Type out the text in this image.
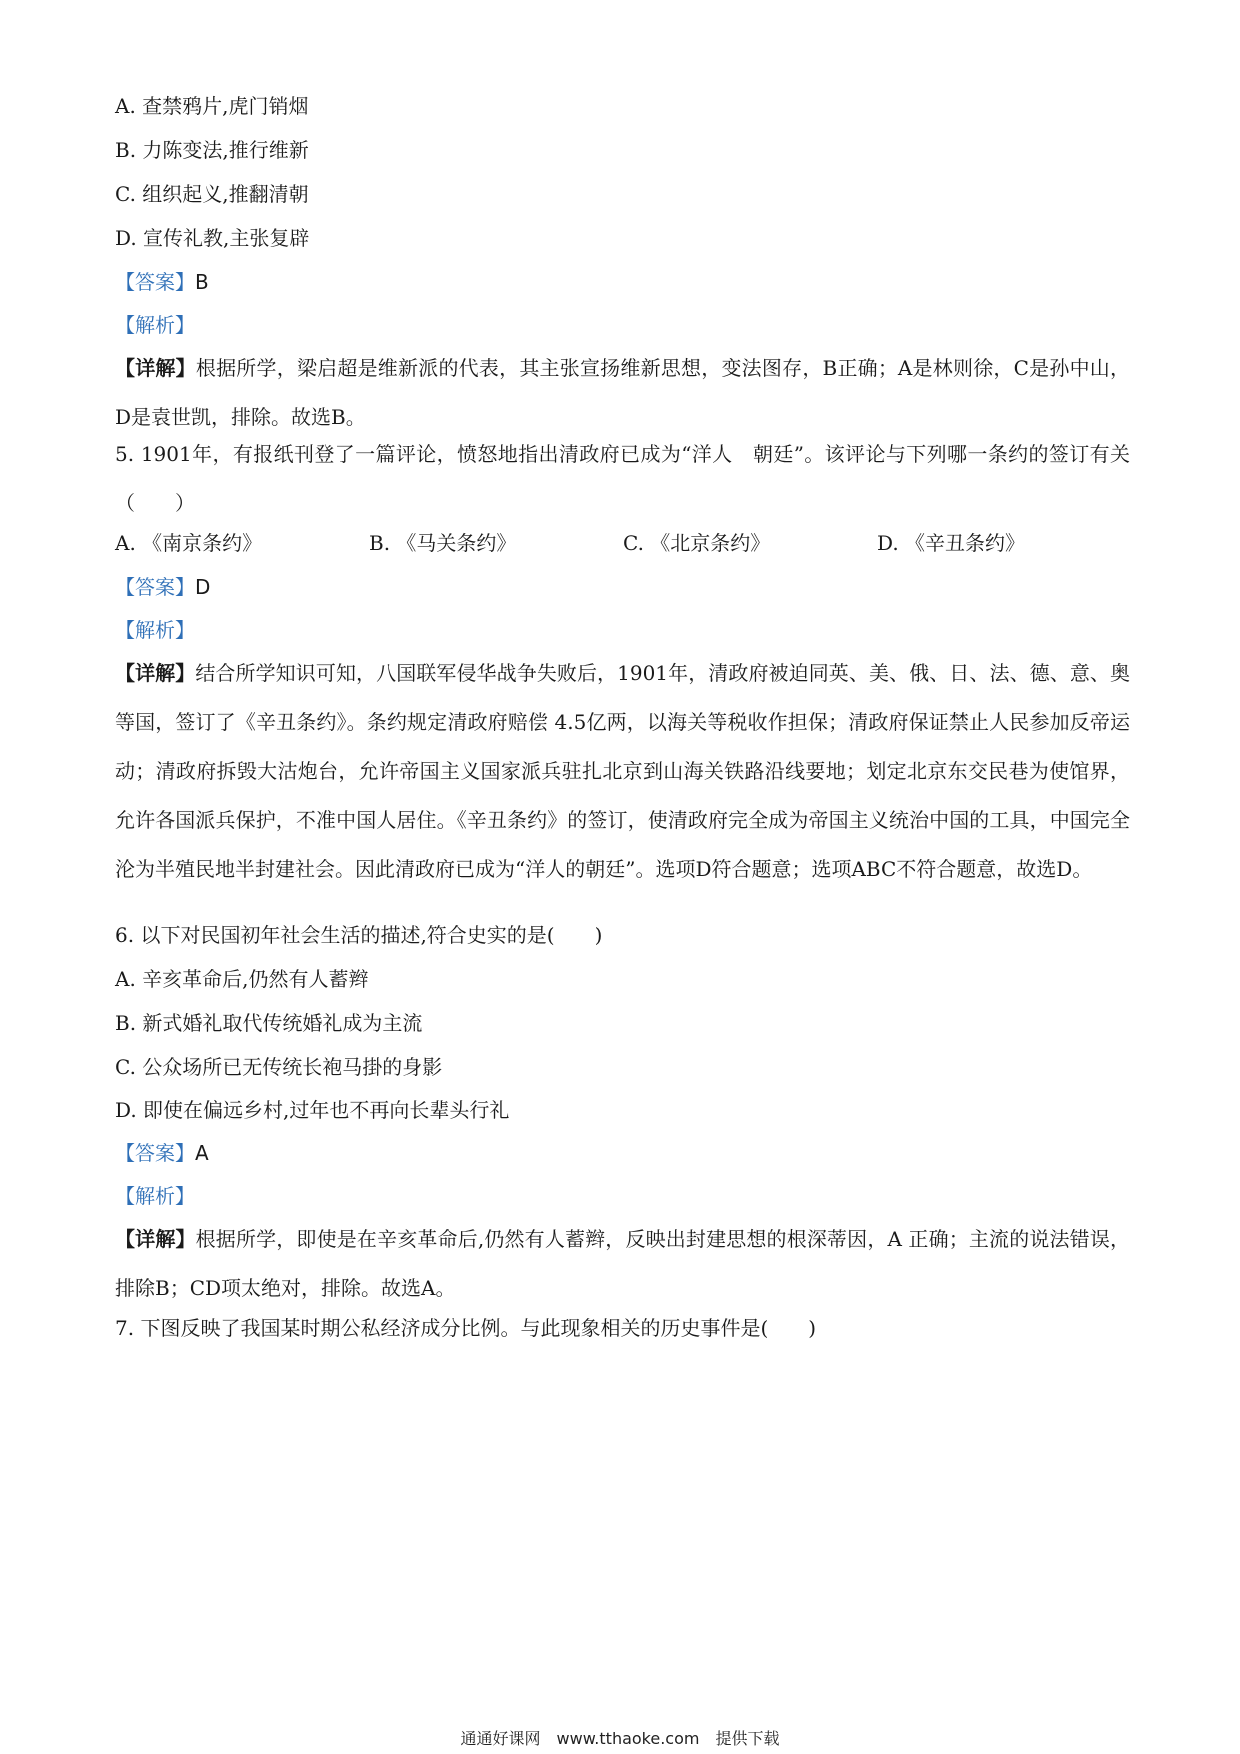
A. 查禁鸦片,虎门销烟
B. 力陈变法,推行维新
C. 组织起义,推翻清朝
D. 宣传礼教,主张复辟
【答案】B
【解析】
【详解】根据所学，梁启超是维新派的代表，其主张宣扬维新思想，变法图存，B正确；A是林则徐，C是孙中山，D是袁世凯，排除。故选B。
5. 1901年，有报纸刊登了一篇评论，愤怒地指出清政府已成为“洋人　朝廷”。该评论与下列哪一条约的签订有关（　　）
A. 《南京条约》	B. 《马关条约》	C. 《北京条约》	D. 《辛丑条约》
【答案】D
【解析】
【详解】结合所学知识可知，八国联军侵华战争失败后，1901年，清政府被迫同英、美、俄、日、法、德、意、奥等国，签订了《辛丑条约》。条约规定清政府赔偿 4.5亿两，以海关等税收作担保；清政府保证禁止人民参加反帝运动；清政府拆毁大沽炮台，允许帝国主义国家派兵驻扎北京到山海关铁路沿线要地；划定北京东交民巷为使馆界，允许各国派兵保护，不准中国人居住。《辛丑条约》的签订，使清政府完全成为帝国主义统治中国的工具，中国完全沦为半殖民地半封建社会。因此清政府已成为“洋人的朝廷”。选项D符合题意；选项ABC不符合题意，故选D。
6. 以下对民国初年社会生活的描述,符合史实的是(　　)
A. 辛亥革命后,仍然有人蓄辫
B. 新式婚礼取代传统婚礼成为主流
C. 公众场所已无传统长袍马掛的身影
D. 即使在偏远乡村,过年也不再向长辈头行礼
【答案】A
【解析】
【详解】根据所学，即使是在辛亥革命后,仍然有人蓄辫，反映出封建思想的根深蒂因，A 正确；主流的说法错误，排除B；CD项太绝对，排除。故选A。
7. 下图反映了我国某时期公私经济成分比例。与此现象相关的历史事件是(　　)
通通好课网　www.tthaoke.com　提供下载
